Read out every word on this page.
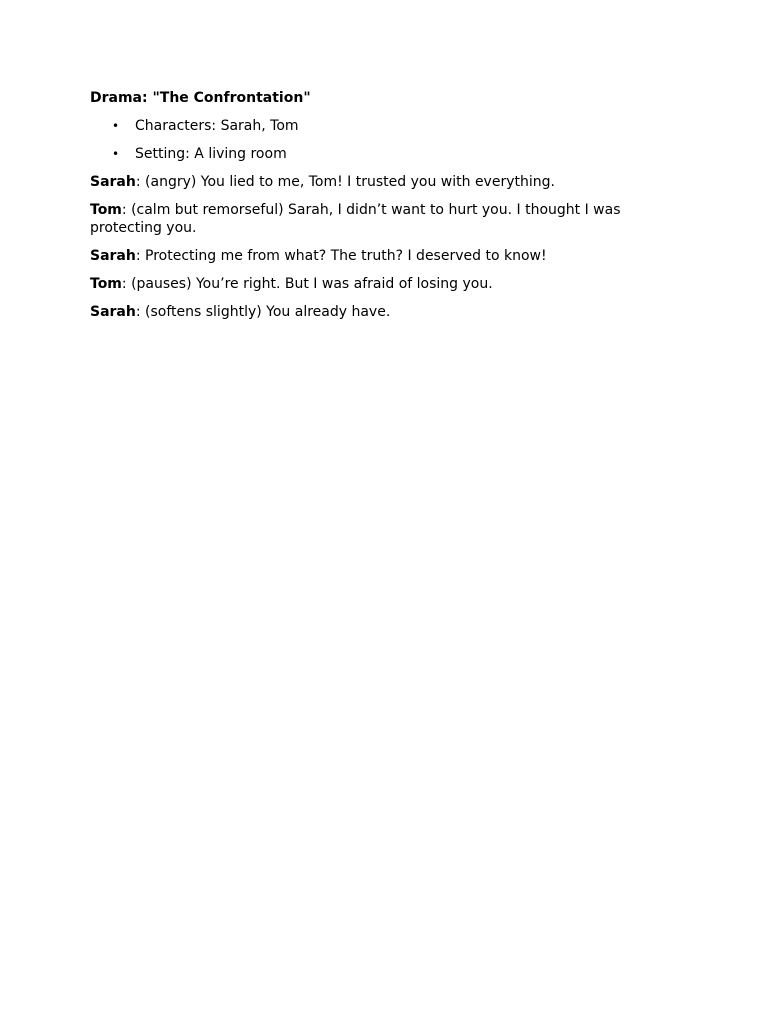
Drama: "The Confrontation"
• Characters: Sarah, Tom
• Setting: A living room

Sarah: (angry) You lied to me, Tom! I trusted you with everything.

Tom: (calm but remorseful) Sarah, I didn’t want to hurt you. I thought I was protecting you.

Sarah: Protecting me from what? The truth? I deserved to know!

Tom: (pauses) You’re right. But I was afraid of losing you.

Sarah: (softens slightly) You already have.
